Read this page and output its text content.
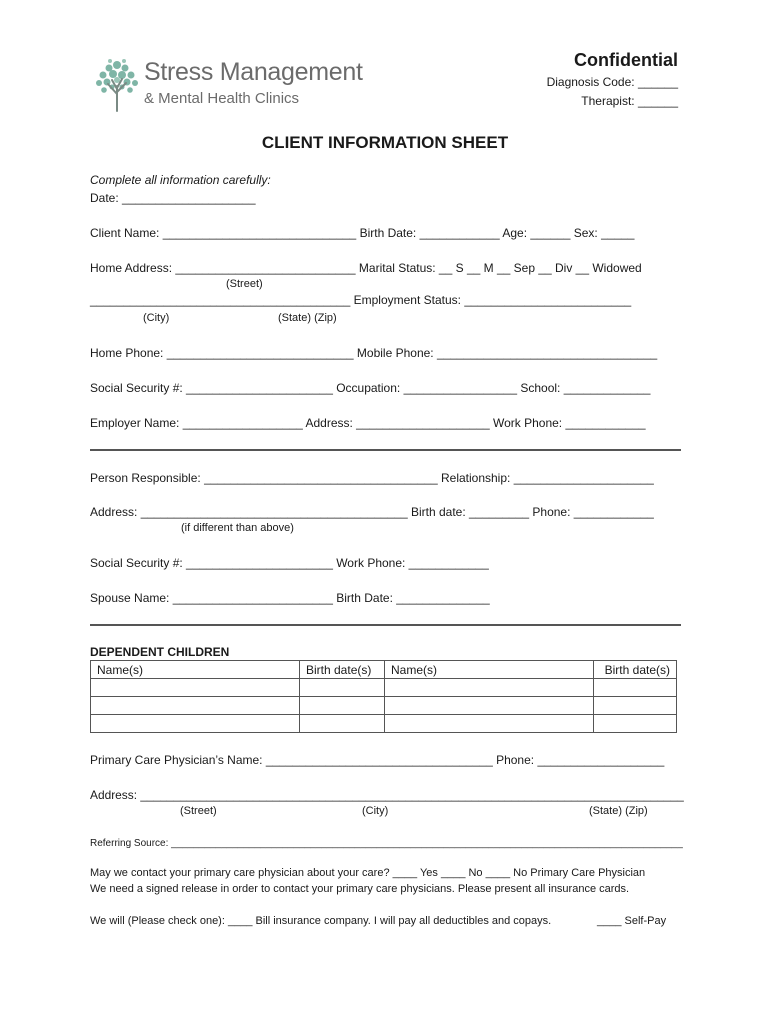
Stress Management
& Mental Health Clinics
Confidential
Diagnosis Code: ______
Therapist: ______
CLIENT INFORMATION SHEET
Complete all information carefully:
Date: ____________________
Client Name: _____________________________ Birth Date: ____________ Age: ______ Sex: _____
Home Address: ___________________________ Marital Status: __ S __ M __ Sep __ Div __ Widowed
(Street)
_______________________________________ Employment Status: _________________________
(City)	(State) (Zip)
Home Phone: ____________________________ Mobile Phone: _________________________________
Social Security #: ______________________ Occupation: _________________ School: _____________
Employer Name: __________________ Address: ____________________ Work Phone: ____________
Person Responsible: ___________________________________ Relationship: _____________________
Address: ________________________________________ Birth date: _________ Phone: ____________
(if different than above)
Social Security #: ______________________ Work Phone: ____________
Spouse Name: ________________________ Birth Date: ______________
DEPENDENT CHILDREN
Name(s)	Birth date(s)	Name(s)	Birth date(s)

Primary Care Physician’s Name: __________________________________ Phone: ___________________
Address: __________________________________________________________________________________
(Street)	(City)	(State) (Zip)
Referring Source: ____________________________________________________________________________________________
May we contact your primary care physician about your care? ____ Yes ____ No ____ No Primary Care Physician
We need a signed release in order to contact your primary care physicians. Please present all insurance cards.
We will (Please check one): ____ Bill insurance company. I will pay all deductibles and copays.	____ Self-Pay
